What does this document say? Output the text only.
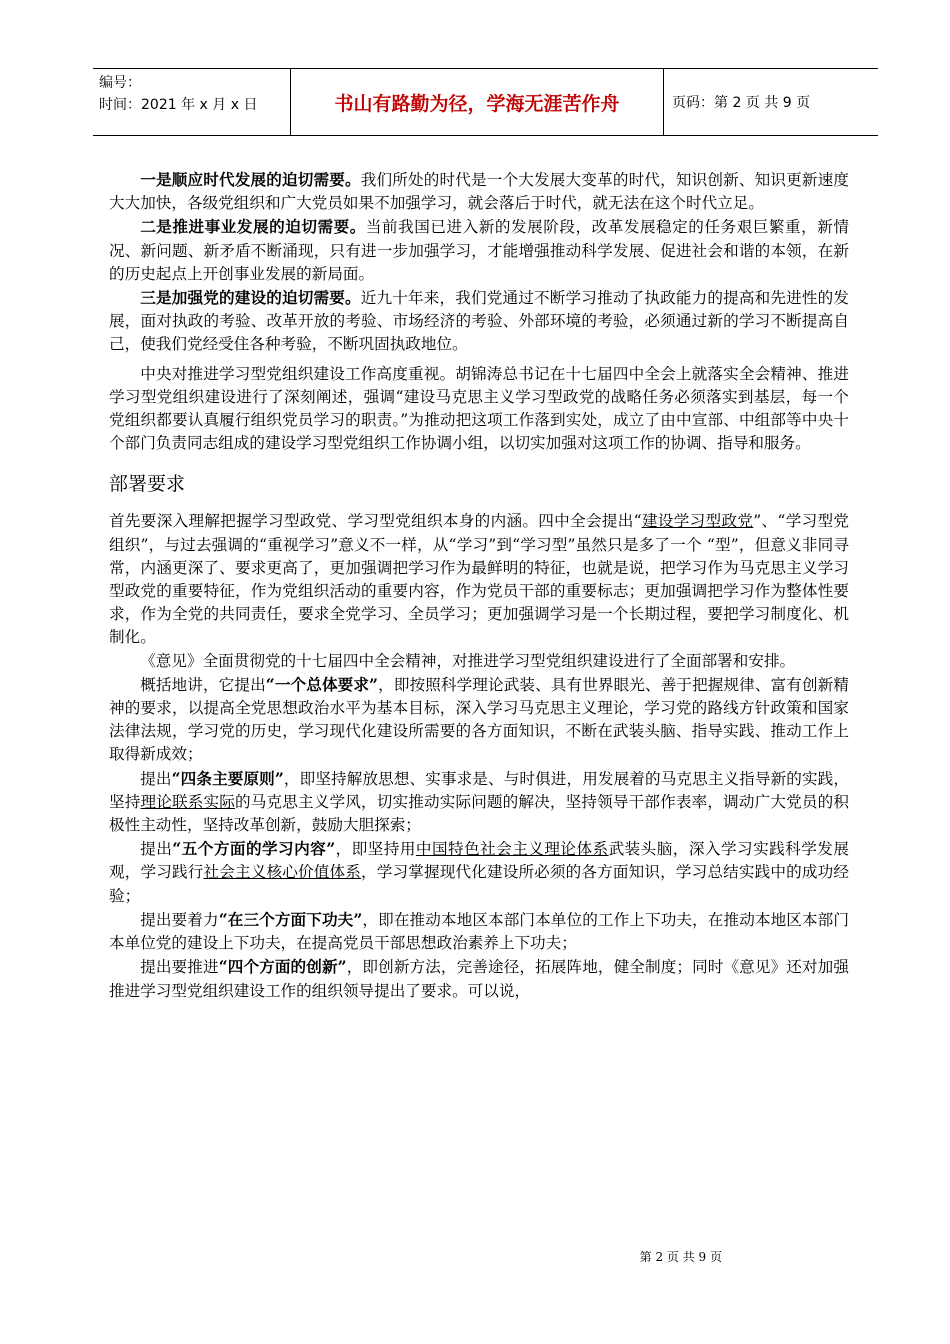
编号：
时间：2021 年 x 月 x 日	书山有路勤为径，学海无涯苦作舟	页码：第 2 页 共 9 页

一是顺应时代发展的迫切需要。我们所处的时代是一个大发展大变革的时代，知识创新、知识更新速度大大加快，各级党组织和广大党员如果不加强学习，就会落后于时代，就无法在这个时代立足。

二是推进事业发展的迫切需要。当前我国已进入新的发展阶段，改革发展稳定的任务艰巨繁重，新情况、新问题、新矛盾不断涌现，只有进一步加强学习，才能增强推动科学发展、促进社会和谐的本领，在新的历史起点上开创事业发展的新局面。

三是加强党的建设的迫切需要。近九十年来，我们党通过不断学习推动了执政能力的提高和先进性的发展，面对执政的考验、改革开放的考验、市场经济的考验、外部环境的考验，必须通过新的学习不断提高自己，使我们党经受住各种考验，不断巩固执政地位。

中央对推进学习型党组织建设工作高度重视。胡锦涛总书记在十七届四中全会上就落实全会精神、推进学习型党组织建设进行了深刻阐述，强调“建设马克思主义学习型政党的战略任务必须落实到基层，每一个党组织都要认真履行组织党员学习的职责。”为推动把这项工作落到实处，成立了由中宣部、中组部等中央十个部门负责同志组成的建设学习型党组织工作协调小组，以切实加强对这项工作的协调、指导和服务。

部署要求

首先要深入理解把握学习型政党、学习型党组织本身的内涵。四中全会提出“建设学习型政党”、“学习型党组织”，与过去强调的“重视学习”意义不一样，从“学习”到“学习型”虽然只是多了一个 “型”，但意义非同寻常，内涵更深了、要求更高了，更加强调把学习作为最鲜明的特征，也就是说，把学习作为马克思主义学习型政党的重要特征，作为党组织活动的重要内容，作为党员干部的重要标志；更加强调把学习作为整体性要求，作为全党的共同责任，要求全党学习、全员学习；更加强调学习是一个长期过程，要把学习制度化、机制化。

《意见》全面贯彻党的十七届四中全会精神，对推进学习型党组织建设进行了全面部署和安排。

概括地讲，它提出“一个总体要求”，即按照科学理论武装、具有世界眼光、善于把握规律、富有创新精神的要求，以提高全党思想政治水平为基本目标，深入学习马克思主义理论，学习党的路线方针政策和国家法律法规，学习党的历史，学习现代化建设所需要的各方面知识，不断在武装头脑、指导实践、推动工作上取得新成效；

提出“四条主要原则”，即坚持解放思想、实事求是、与时俱进，用发展着的马克思主义指导新的实践，坚持理论联系实际的马克思主义学风，切实推动实际问题的解决，坚持领导干部作表率，调动广大党员的积极性主动性，坚持改革创新，鼓励大胆探索；

提出“五个方面的学习内容”，即坚持用中国特色社会主义理论体系武装头脑，深入学习实践科学发展观，学习践行社会主义核心价值体系，学习掌握现代化建设所必须的各方面知识，学习总结实践中的成功经验；

提出要着力“在三个方面下功夫”，即在推动本地区本部门本单位的工作上下功夫，在推动本地区本部门本单位党的建设上下功夫，在提高党员干部思想政治素养上下功夫；

提出要推进“四个方面的创新”，即创新方法，完善途径，拓展阵地，健全制度；同时《意见》还对加强推进学习型党组织建设工作的组织领导提出了要求。可以说，

第 2 页 共 9 页
